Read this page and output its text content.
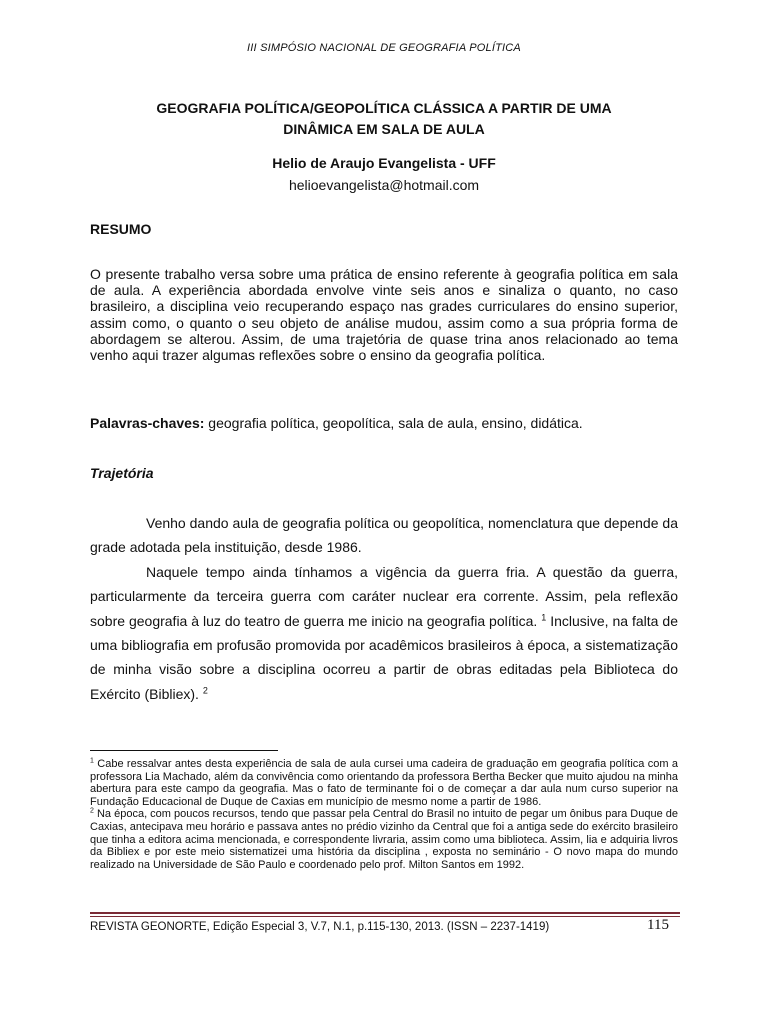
III SIMPÓSIO NACIONAL DE GEOGRAFIA POLÍTICA
GEOGRAFIA POLÍTICA/GEOPOLÍTICA CLÁSSICA A PARTIR DE UMA
DINÂMICA EM SALA DE AULA
Helio de Araujo Evangelista - UFF
helioevangelista@hotmail.com
RESUMO

O presente trabalho versa sobre uma prática de ensino referente à geografia política em sala de aula. A experiência abordada envolve vinte seis anos e sinaliza o quanto, no caso brasileiro, a disciplina veio recuperando espaço nas grades curriculares do ensino superior, assim como, o quanto o seu objeto de análise mudou, assim como a sua própria forma de abordagem se alterou. Assim, de uma trajetória de quase trina anos relacionado ao tema venho aqui trazer algumas reflexões sobre o ensino da geografia política.

Palavras-chaves: geografia política, geopolítica, sala de aula, ensino, didática.

Trajetória

Venho dando aula de geografia política ou geopolítica, nomenclatura que depende da grade adotada pela instituição, desde 1986.

Naquele tempo ainda tínhamos a vigência da guerra fria. A questão da guerra, particularmente da terceira guerra com caráter nuclear era corrente. Assim, pela reflexão sobre geografia à luz do teatro de guerra me inicio na geografia política. $^1$ Inclusive, na falta de uma bibliografia em profusão promovida por acadêmicos brasileiros à época, a sistematização de minha visão sobre a disciplina ocorreu a partir de obras editadas pela Biblioteca do Exército (Bibliex). $^2$

$^1$ Cabe ressalvar antes desta experiência de sala de aula cursei uma cadeira de graduação em geografia política com a professora Lia Machado, além da convivência como orientando da professora Bertha Becker que muito ajudou na minha abertura para este campo da geografia. Mas o fato de terminante foi o de começar a dar aula num curso superior na Fundação Educacional de Duque de Caxias em município de mesmo nome a partir de 1986.

$^2$ Na época, com poucos recursos, tendo que passar pela Central do Brasil no intuito de pegar um ônibus para Duque de Caxias, antecipava meu horário e passava antes no prédio vizinho da Central que foi a antiga sede do exército brasileiro que tinha a editora acima mencionada, e correspondente livraria, assim como uma biblioteca. Assim, lia e adquiria livros da Bibliex e por este meio sistematizei uma história da disciplina , exposta no seminário - O novo mapa do mundo realizado na Universidade de São Paulo e coordenado pelo prof. Milton Santos em 1992.

REVISTA GEONORTE, Edição Especial 3, V.7, N.1, p.115-130, 2013. (ISSN – 2237-1419)	115
